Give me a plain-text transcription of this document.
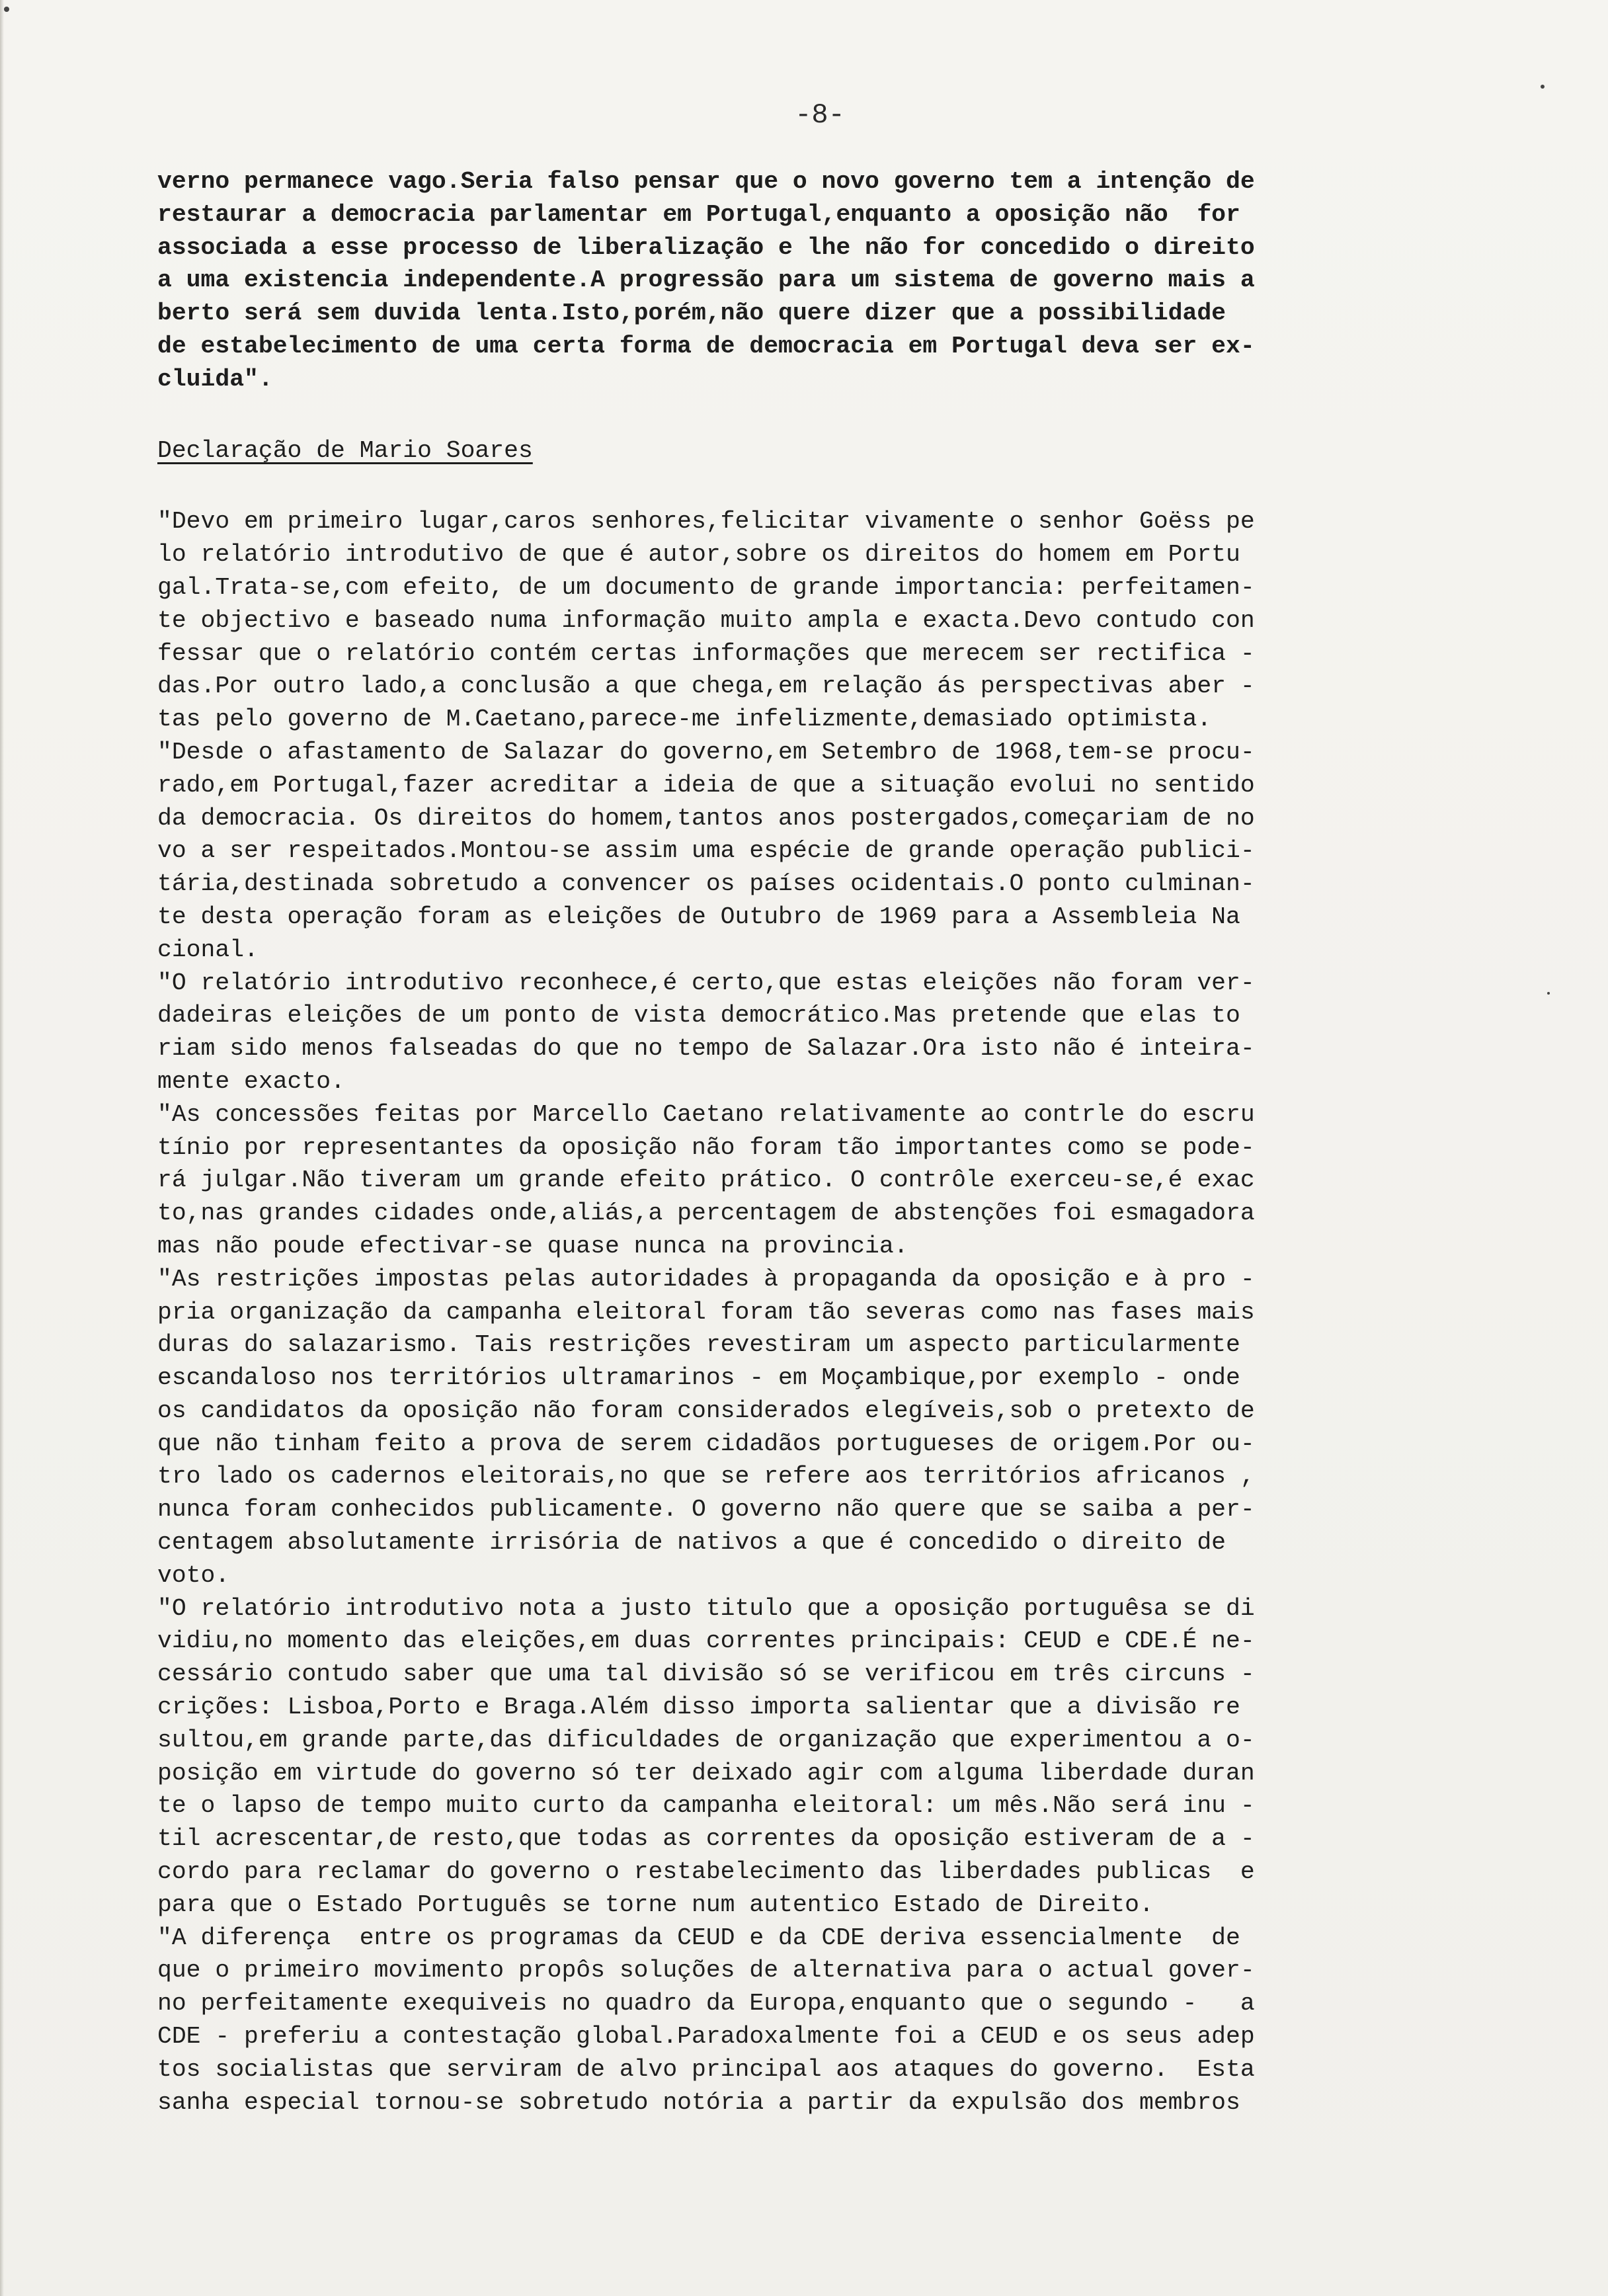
-8-
verno permanece vago.Seria falso pensar que o novo governo tem a intenção de
restaurar a democracia parlamentar em Portugal,enquanto a oposição não  for
associada a esse processo de liberalização e lhe não for concedido o direito
a uma existencia independente.A progressão para um sistema de governo mais a
berto será sem duvida lenta.Isto,porém,não quere dizer que a possibilidade
de estabelecimento de uma certa forma de democracia em Portugal deva ser ex-
cluida".
Declaração de Mario Soares
"Devo em primeiro lugar,caros senhores,felicitar vivamente o senhor Goëss pe
lo relatório introdutivo de que é autor,sobre os direitos do homem em Portu
gal.Trata-se,com efeito, de um documento de grande importancia: perfeitamen-
te objectivo e baseado numa informação muito ampla e exacta.Devo contudo con
fessar que o relatório contém certas informações que merecem ser rectifica -
das.Por outro lado,a conclusão a que chega,em relação ás perspectivas aber -
tas pelo governo de M.Caetano,parece-me infelizmente,demasiado optimista.
"Desde o afastamento de Salazar do governo,em Setembro de 1968,tem-se procu-
rado,em Portugal,fazer acreditar a ideia de que a situação evolui no sentido
da democracia. Os direitos do homem,tantos anos postergados,começariam de no
vo a ser respeitados.Montou-se assim uma espécie de grande operação publici-
tária,destinada sobretudo a convencer os países ocidentais.O ponto culminan-
te desta operação foram as eleições de Outubro de 1969 para a Assembleia Na
cional.
"O relatório introdutivo reconhece,é certo,que estas eleições não foram ver-
dadeiras eleições de um ponto de vista democrático.Mas pretende que elas to
riam sido menos falseadas do que no tempo de Salazar.Ora isto não é inteira-
mente exacto.
"As concessões feitas por Marcello Caetano relativamente ao contrle do escru
tínio por representantes da oposição não foram tão importantes como se pode-
rá julgar.Não tiveram um grande efeito prático. O contrôle exerceu-se,é exac
to,nas grandes cidades onde,aliás,a percentagem de abstenções foi esmagadora
mas não poude efectivar-se quase nunca na provincia.
"As restrições impostas pelas autoridades à propaganda da oposição e à pro -
pria organização da campanha eleitoral foram tão severas como nas fases mais
duras do salazarismo. Tais restrições revestiram um aspecto particularmente
escandaloso nos territórios ultramarinos - em Moçambique,por exemplo - onde
os candidatos da oposição não foram considerados elegíveis,sob o pretexto de
que não tinham feito a prova de serem cidadãos portugueses de origem.Por ou-
tro lado os cadernos eleitorais,no que se refere aos territórios africanos ,
nunca foram conhecidos publicamente. O governo não quere que se saiba a per-
centagem absolutamente irrisória de nativos a que é concedido o direito de
voto.
"O relatório introdutivo nota a justo titulo que a oposição portuguêsa se di
vidiu,no momento das eleições,em duas correntes principais: CEUD e CDE.É ne-
cessário contudo saber que uma tal divisão só se verificou em três circuns -
crições: Lisboa,Porto e Braga.Além disso importa salientar que a divisão re
sultou,em grande parte,das dificuldades de organização que experimentou a o-
posição em virtude do governo só ter deixado agir com alguma liberdade duran
te o lapso de tempo muito curto da campanha eleitoral: um mês.Não será inu -
til acrescentar,de resto,que todas as correntes da oposição estiveram de a -
cordo para reclamar do governo o restabelecimento das liberdades publicas  e
para que o Estado Português se torne num autentico Estado de Direito.
"A diferença  entre os programas da CEUD e da CDE deriva essencialmente  de
que o primeiro movimento propôs soluções de alternativa para o actual gover-
no perfeitamente exequiveis no quadro da Europa,enquanto que o segundo -   a
CDE - preferiu a contestação global.Paradoxalmente foi a CEUD e os seus adep
tos socialistas que serviram de alvo principal aos ataques do governo.  Esta
sanha especial tornou-se sobretudo notória a partir da expulsão dos membros
